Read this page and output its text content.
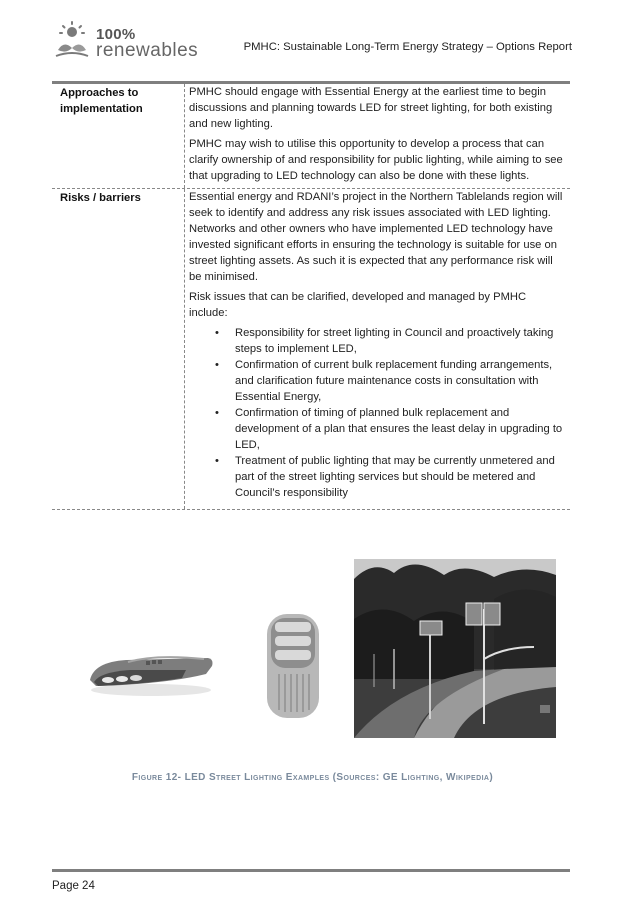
100%
renewables	PMHC: Sustainable Long-Term Energy Strategy – Options Report
Approaches to implementation

PMHC should engage with Essential Energy at the earliest time to begin discussions and planning towards LED for street lighting, for both existing and new lighting.

PMHC may wish to utilise this opportunity to develop a process that can clarify ownership of and responsibility for public lighting, while aiming to see that upgrading to LED technology can also be done with these lights.

Risks / barriers	Essential energy and RDANI’s project in the Northern Tablelands region will seek to identify and address any risk issues associated with LED lighting. Networks and other owners who have implemented LED technology have invested significant efforts in ensuring the technology is suitable for use on street lighting assets. As such it is expected that any performance risk will be minimised.

Risk issues that can be clarified, developed and managed by PMHC include:

• Responsibility for street lighting in Council and proactively taking steps to implement LED,
• Confirmation of current bulk replacement funding arrangements, and clarification future maintenance costs in consultation with Essential Energy,
• Confirmation of timing of planned bulk replacement and development of a plan that ensures the least delay in upgrading to LED,
• Treatment of public lighting that may be currently unmetered and part of the street lighting services but should be metered and Council’s responsibility
Figure 12- LED Street Lighting Examples (Sources: GE Lighting, Wikipedia)
Page 24
